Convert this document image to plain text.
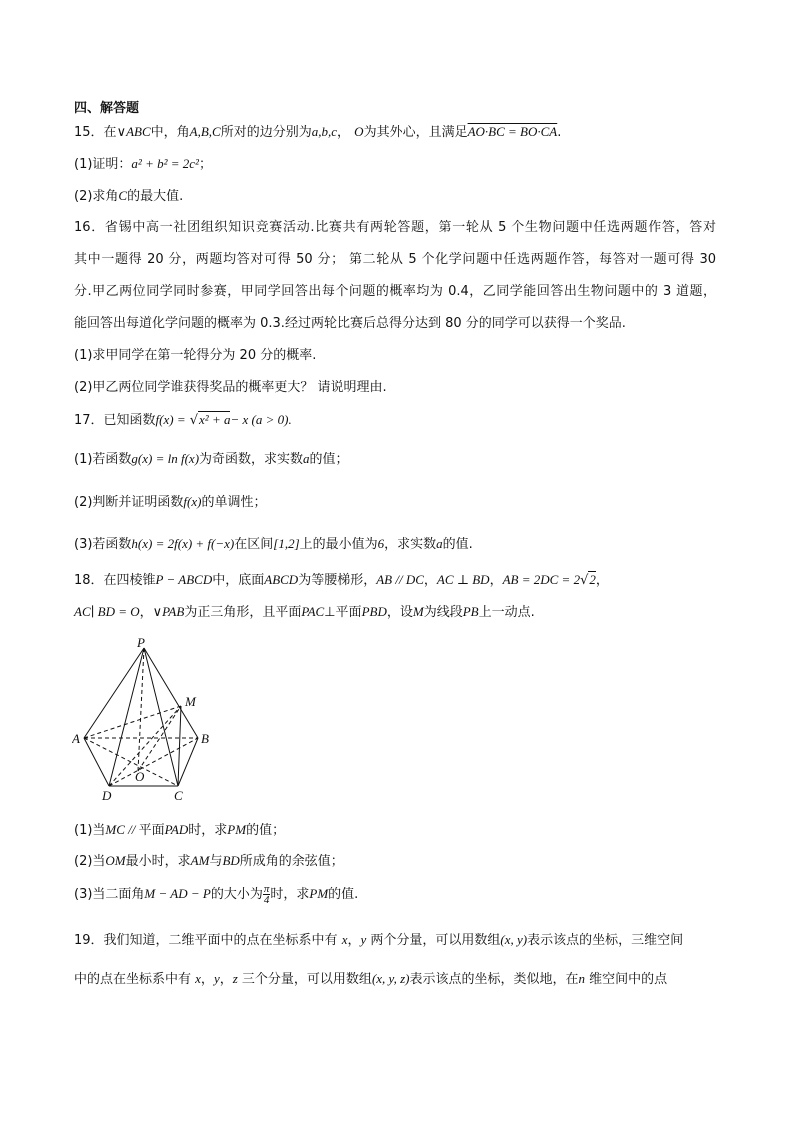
四、解答题
15．在∨ABC中，角A,B,C所对的边分别为a,b,c， O为其外心，且满足AO·BC = BO·CA.
(1)证明：a² + b² = 2c²；
(2)求角C的最大值.
16．省锡中高一社团组织知识竞赛活动.比赛共有两轮答题，第一轮从 5 个生物问题中任选两题作答，答对
其中一题得 20 分，两题均答对可得 50 分； 第二轮从 5 个化学问题中任选两题作答，每答对一题可得 30
分.甲乙两位同学同时参赛，甲同学回答出每个问题的概率均为 0.4，乙同学能回答出生物问题中的 3 道题，
能回答出每道化学问题的概率为 0.3.经过两轮比赛后总得分达到 80 分的同学可以获得一个奖品.
(1)求甲同学在第一轮得分为 20 分的概率.
(2)甲乙两位同学谁获得奖品的概率更大？ 请说明理由.
17．已知函数f(x) = √x² + a− x (a > 0).
(1)若函数g(x) = ln f(x)为奇函数，求实数a的值；
(2)判断并证明函数f(x)的单调性；
(3)若函数h(x) = 2f(x) + f(−x)在区间[1,2]上的最小值为6，求实数a的值.
18．在四棱锥P − ABCD中，底面ABCD为等腰梯形，AB // DC，AC ⊥ BD，AB = 2DC = 2√2，
AC∣ BD = O，∨PAB为正三角形，且平面PAC⊥平面PBD，设M为线段PB上一动点.
P
M
A	B
O
D	C
(1)当MC // 平面PAD时，求PM的值；
(2)当OM最小时，求AM与BD所成角的余弦值；
(3)当二面角M − AD − P的大小为 $\frac{\pi}{4}$ 时，求PM的值.
19．我们知道，二维平面中的点在坐标系中有 x，y 两个分量，可以用数组(x, y)表示该点的坐标，三维空间
中的点在坐标系中有 x，y，z 三个分量，可以用数组(x, y, z)表示该点的坐标，类似地，在n 维空间中的点
